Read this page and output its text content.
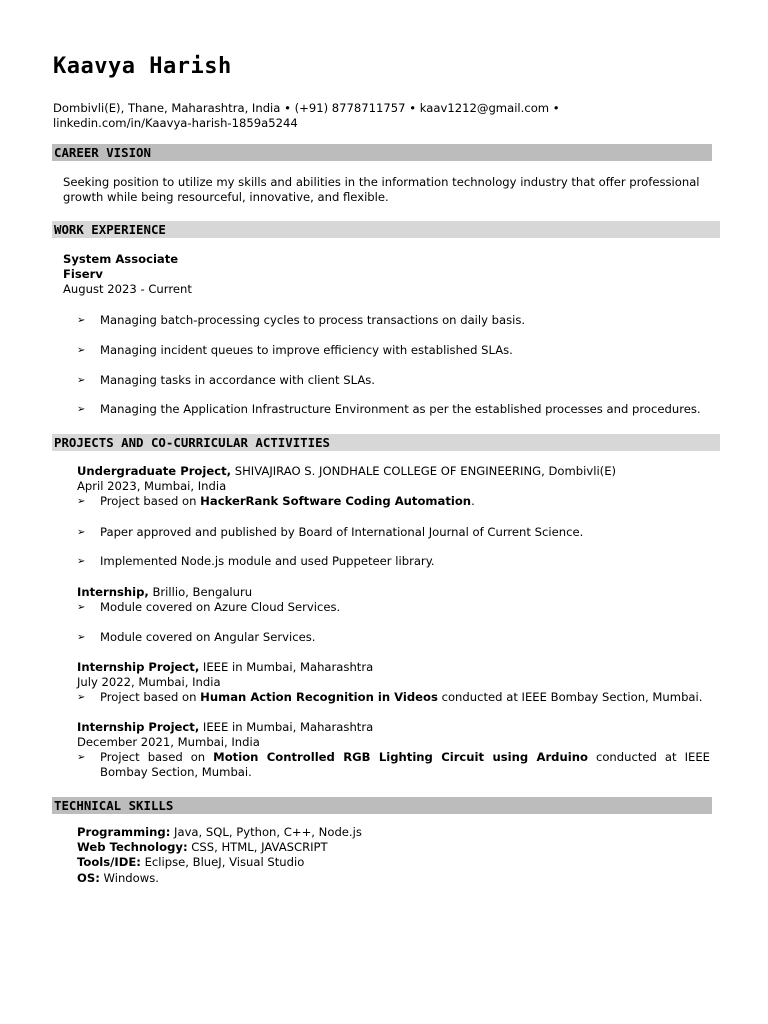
Kaavya Harish
Dombivli(E), Thane, Maharashtra, India • (+91) 8778711757 • kaav1212@gmail.com •
linkedin.com/in/Kaavya-harish-1859a5244
CAREER VISION
Seeking position to utilize my skills and abilities in the information technology industry that offer professional
growth while being resourceful, innovative, and flexible.
WORK EXPERIENCE
System Associate
Fiserv
August 2023 - Current
➢ Managing batch-processing cycles to process transactions on daily basis.
➢ Managing incident queues to improve efficiency with established SLAs.
➢ Managing tasks in accordance with client SLAs.
➢ Managing the Application Infrastructure Environment as per the established processes and procedures.
PROJECTS AND CO-CURRICULAR ACTIVITIES
Undergraduate Project, SHIVAJIRAO S. JONDHALE COLLEGE OF ENGINEERING, Dombivli(E)
April 2023, Mumbai, India
➢ Project based on HackerRank Software Coding Automation.
➢ Paper approved and published by Board of International Journal of Current Science.
➢ Implemented Node.js module and used Puppeteer library.
Internship, Brillio, Bengaluru
➢ Module covered on Azure Cloud Services.
➢ Module covered on Angular Services.
Internship Project, IEEE in Mumbai, Maharashtra
July 2022, Mumbai, India
➢ Project based on Human Action Recognition in Videos conducted at IEEE Bombay Section, Mumbai.
Internship Project, IEEE in Mumbai, Maharashtra
December 2021, Mumbai, India
➢ Project based on Motion Controlled RGB Lighting Circuit using Arduino conducted at IEEE
Bombay Section, Mumbai.
TECHNICAL SKILLS
Programming: Java, SQL, Python, C++, Node.js
Web Technology: CSS, HTML, JAVASCRIPT
Tools/IDE: Eclipse, BlueJ, Visual Studio
OS: Windows.
